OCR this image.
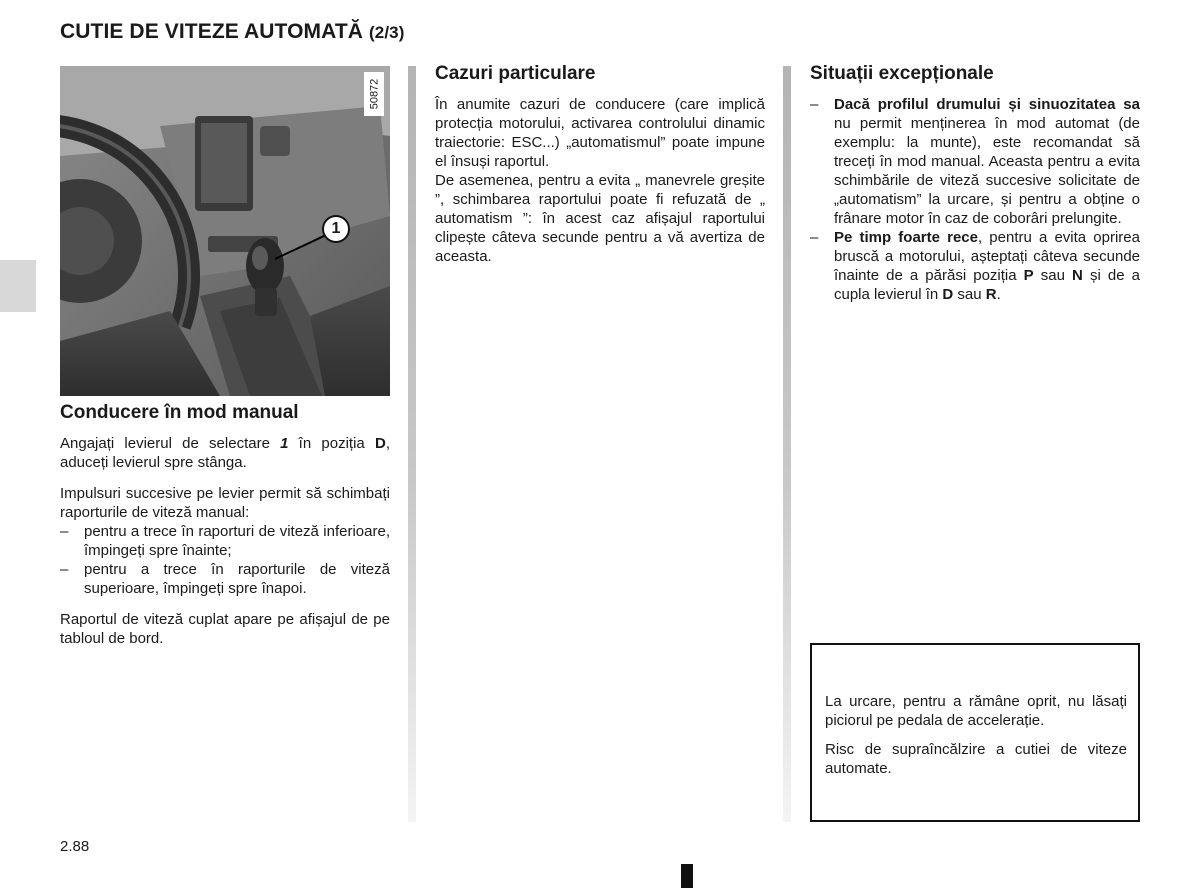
CUTIE DE VITEZE AUTOMATĂ (2/3)
50872
1
Conducere în mod manual

Angajați levierul de selectare 1 în poziția D, aduceți levierul spre stânga.

Impulsuri succesive pe levier permit să schimbați raporturile de viteză manual:

– pentru a trece în raporturi de viteză inferioare, împingeți spre înainte;

– pentru a trece în raporturile de viteză superioare, împingeți spre înapoi.

Raportul de viteză cuplat apare pe afișajul de pe tabloul de bord.

Cazuri particulare

În anumite cazuri de conducere (care implică protecția motorului, activarea controlului dinamic traiectorie: ESC...) „automatismul” poate impune el însuși raportul.

De asemenea, pentru a evita „ manevrele greșite ”, schimbarea raportului poate fi refuzată de „ automatism ”: în acest caz afișajul raportului clipește câteva secunde pentru a vă avertiza de aceasta.

Situații excepționale

– Dacă profilul drumului și sinuozitatea sa nu permit menținerea în mod automat (de exemplu: la munte), este recomandat să treceți în mod manual. Aceasta pentru a evita schimbările de viteză succesive solicitate de „automatism” la urcare, și pentru a obține o frânare motor în caz de coborâri prelungite.

– Pe timp foarte rece, pentru a evita oprirea bruscă a motorului, așteptați câteva secunde înainte de a părăsi poziția P sau N și de a cupla levierul în D sau R.

La urcare, pentru a rămâne oprit, nu lăsați piciorul pe pedala de accelerație.

Risc de supraîncălzire a cutiei de viteze automate.

2.88
